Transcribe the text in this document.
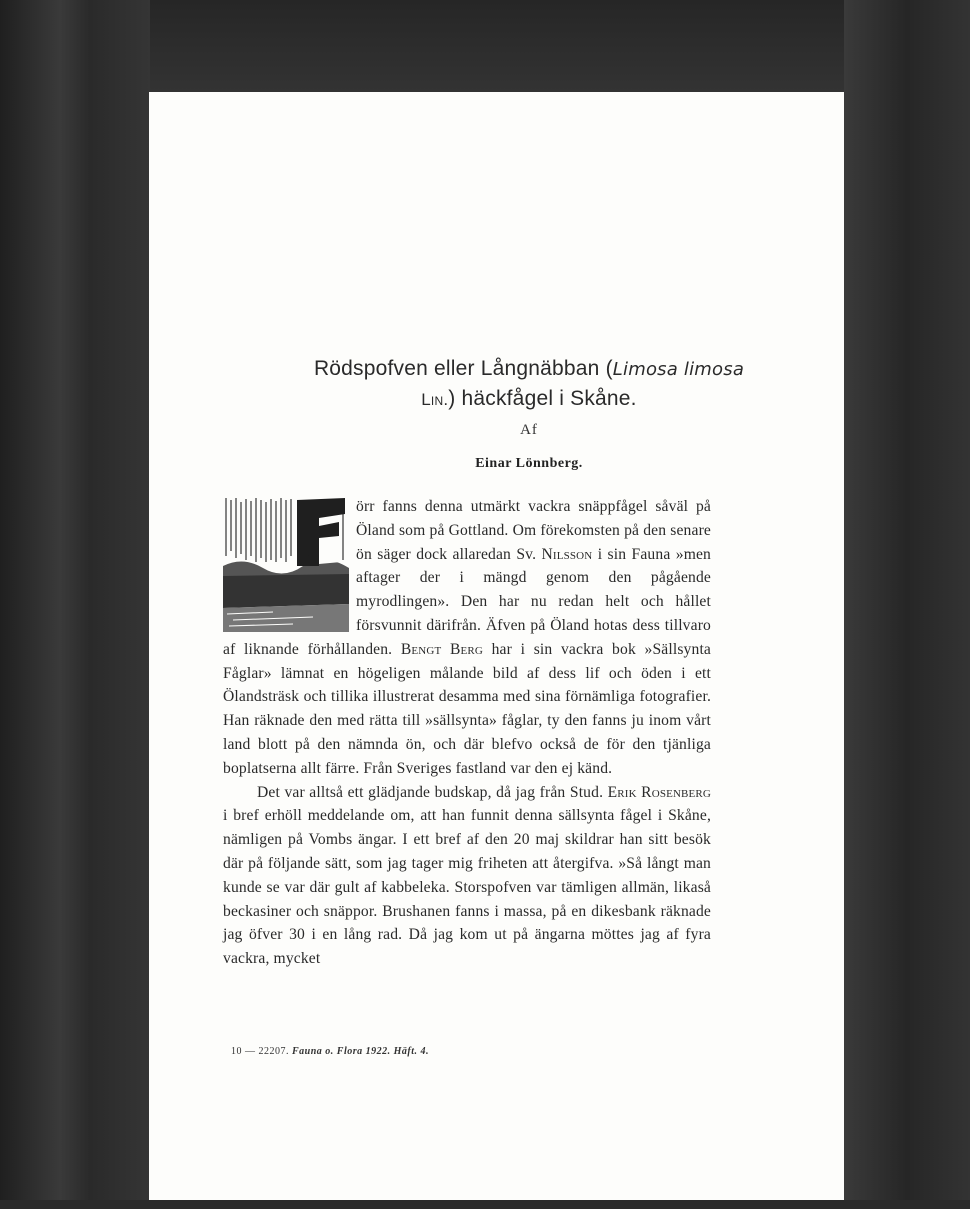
Rödspofven eller Långnäbban (Limosa limosa
Lin.) häckfågel i Skåne.
Af
Einar Lönnberg.
F

örr fanns denna utmärkt vackra snäppfågel såväl på Öland som på Gottland. Om förekomsten på den senare ön säger dock allaredan Sv. Nilsson i sin Fauna »men aftager der i mängd genom den pågående myrodlingen». Den har nu redan helt och hållet försvunnit därifrån. Äfven på Öland hotas dess tillvaro af liknande förhållanden. Bengt Berg har i sin vackra bok »Sällsynta Fåglar» lämnat en högeligen målande bild af dess lif och öden i ett Ölandsträsk och tillika illustrerat desamma med sina förnämliga fotografier. Han räknade den med rätta till »sällsynta» fåglar, ty den fanns ju inom vårt land blott på den nämnda ön, och där blefvo också de för den tjänliga boplatserna allt färre. Från Sveriges fastland var den ej känd.

Det var alltså ett glädjande budskap, då jag från Stud. Erik Rosenberg i bref erhöll meddelande om, att han funnit denna sällsynta fågel i Skåne, nämligen på Vombs ängar. I ett bref af den 20 maj skildrar han sitt besök där på följande sätt, som jag tager mig friheten att återgifva. »Så långt man kunde se var där gult af kabbeleka. Storspofven var tämligen allmän, likaså beckasiner och snäppor. Brushanen fanns i massa, på en dikesbank räknade jag öfver 30 i en lång rad. Då jag kom ut på ängarna möttes jag af fyra vackra, mycket

10 — 22207. Fauna o. Flora 1922. Häft. 4.
